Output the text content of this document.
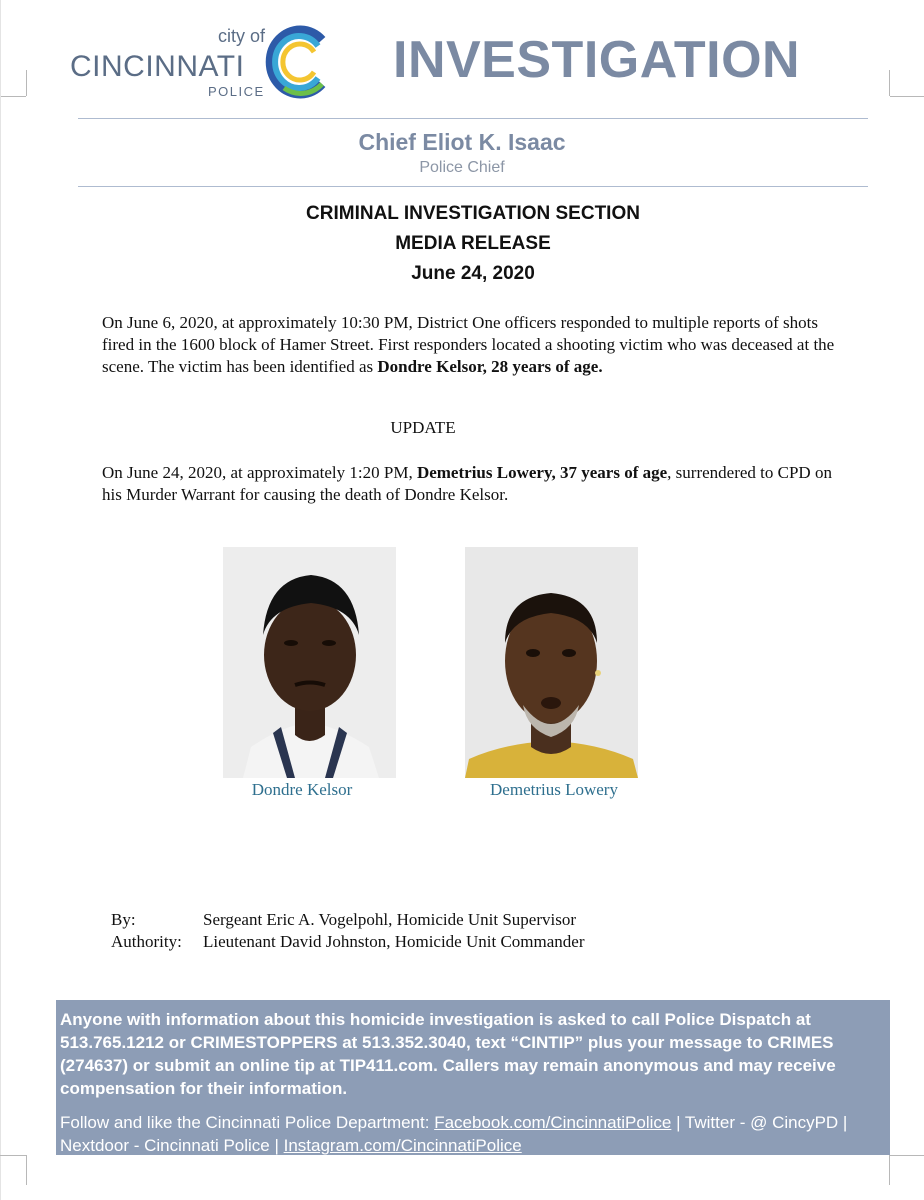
city of
CINCINNATI
POLICE
INVESTIGATION
Chief Eliot K. Isaac
Police Chief
CRIMINAL INVESTIGATION SECTION
MEDIA RELEASE
June 24, 2020
On June 6, 2020, at approximately 10:30 PM, District One officers responded to multiple reports of shots fired in the 1600 block of Hamer Street. First responders located a shooting victim who was deceased at the scene. The victim has been identified as Dondre Kelsor, 28 years of age.
UPDATE
On June 24, 2020, at approximately 1:20 PM, Demetrius Lowery, 37 years of age, surrendered to CPD on his Murder Warrant for causing the death of Dondre Kelsor.
Dondre Kelsor	Demetrius Lowery
By:	Sergeant Eric A. Vogelpohl, Homicide Unit Supervisor
Authority: Lieutenant David Johnston, Homicide Unit Commander
Anyone with information about this homicide investigation is asked to call Police Dispatch at 513.765.1212 or CRIMESTOPPERS at 513.352.3040, text “CINTIP” plus your message to CRIMES (274637) or submit an online tip at TIP411.com. Callers may remain anonymous and may receive compensation for their information.
Follow and like the Cincinnati Police Department: Facebook.com/CincinnatiPolice | Twitter - @ CincyPD | Nextdoor - Cincinnati Police | Instagram.com/CincinnatiPolice
